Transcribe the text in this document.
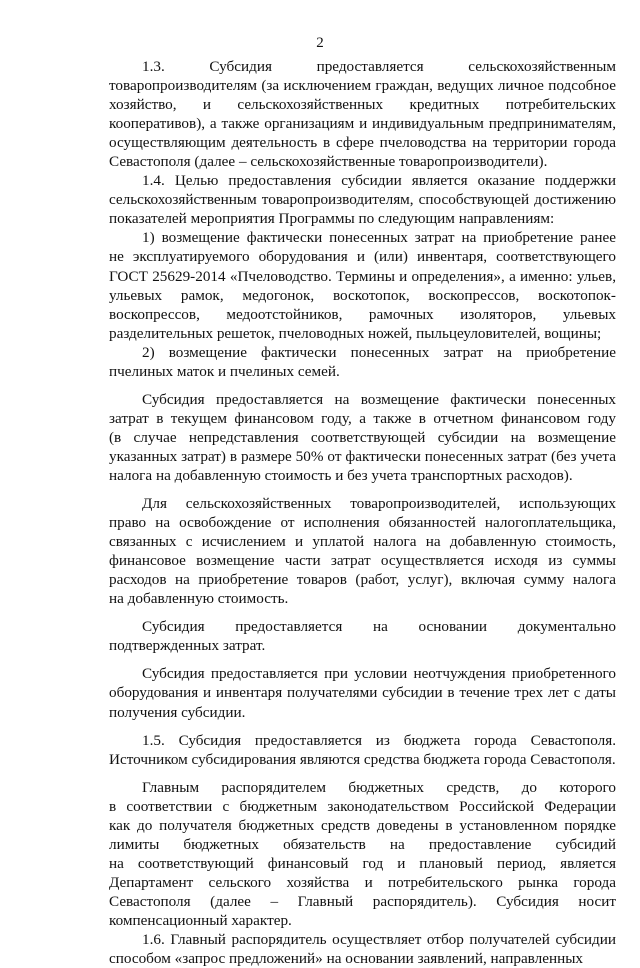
2

1.3. Субсидия предоставляется сельскохозяйственным
товаропроизводителям (за исключением граждан, ведущих личное подсобное
хозяйство, и сельскохозяйственных кредитных потребительских
кооперативов), а также организациям и индивидуальным предпринимателям,
осуществляющим деятельность в сфере пчеловодства на территории города
Севастополя (далее – сельскохозяйственные товаропроизводители).

1.4. Целью предоставления субсидии является оказание поддержки
сельскохозяйственным товаропроизводителям, способствующей достижению
показателей мероприятия Программы по следующим направлениям:

1) возмещение фактически понесенных затрат на приобретение ранее
не эксплуатируемого оборудования и (или) инвентаря, соответствующего
ГОСТ 25629-2014 «Пчеловодство. Термины и определения», а именно: ульев,
ульевых рамок, медогонок, воскотопок, воскопрессов, воскотопок-
воскопрессов, медоотстойников, рамочных изоляторов, ульевых
разделительных решеток, пчеловодных ножей, пыльцеуловителей, вощины;

2) возмещение фактически понесенных затрат на приобретение
пчелиных маток и пчелиных семей.

Субсидия предоставляется на возмещение фактически понесенных
затрат в текущем финансовом году, а также в отчетном финансовом году
(в случае непредставления соответствующей субсидии на возмещение
указанных затрат) в размере 50% от фактически понесенных затрат (без учета
налога на добавленную стоимость и без учета транспортных расходов).

Для сельскохозяйственных товаропроизводителей, использующих
право на освобождение от исполнения обязанностей налогоплательщика,
связанных с исчислением и уплатой налога на добавленную стоимость,
финансовое возмещение части затрат осуществляется исходя из суммы
расходов на приобретение товаров (работ, услуг), включая сумму налога
на добавленную стоимость.

Субсидия предоставляется на основании документально
подтвержденных затрат.

Субсидия предоставляется при условии неотчуждения приобретенного
оборудования и инвентаря получателями субсидии в течение трех лет с даты
получения субсидии.

1.5. Субсидия предоставляется из бюджета города Севастополя.
Источником субсидирования являются средства бюджета города Севастополя.

Главным распорядителем бюджетных средств, до которого
в соответствии с бюджетным законодательством Российской Федерации
как до получателя бюджетных средств доведены в установленном порядке
лимиты бюджетных обязательств на предоставление субсидий
на соответствующий финансовый год и плановый период, является
Департамент сельского хозяйства и потребительского рынка города
Севастополя (далее – Главный распорядитель). Субсидия носит
компенсационный характер.

1.6. Главный распорядитель осуществляет отбор получателей субсидии
способом «запрос предложений» на основании заявлений, направленных
